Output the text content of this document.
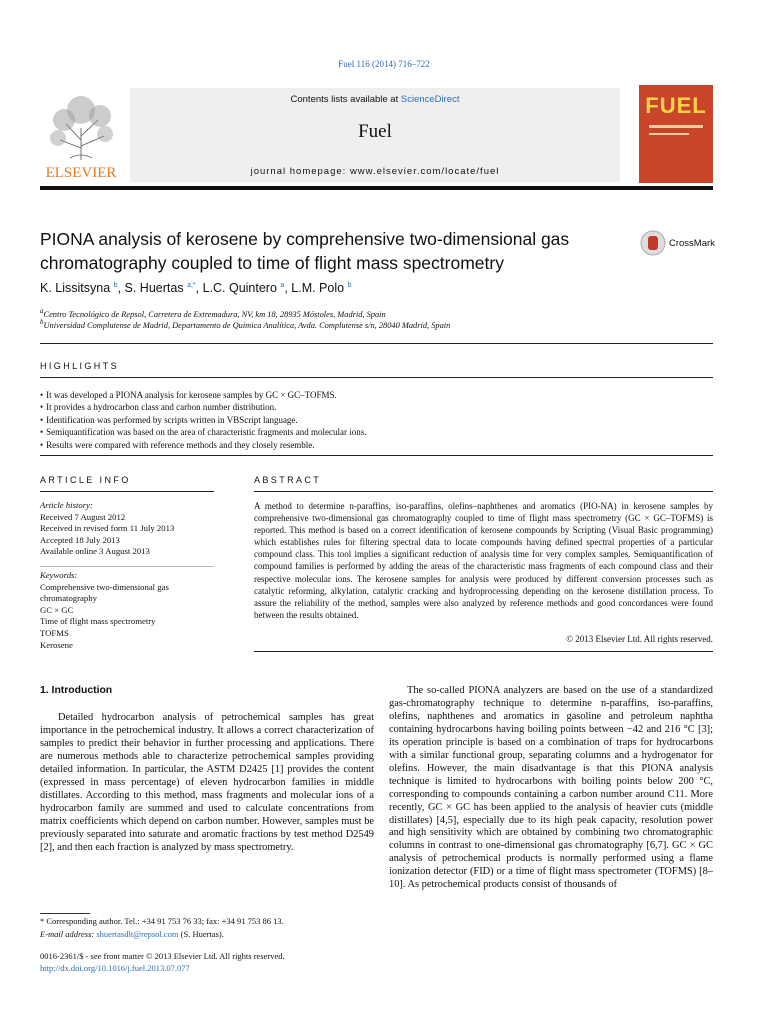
Fuel 116 (2014) 716–722
ELSEVIER
Contents lists available at ScienceDirect
Fuel
journal homepage: www.elsevier.com/locate/fuel
FUEL
PIONA analysis of kerosene by comprehensive two-dimensional gas chromatography coupled to time of flight mass spectrometry
CrossMark
K. Lissitsyna $^b$, S. Huertas $^{a,*}$, L.C. Quintero $^a$, L.M. Polo $^b$
$^a$Centro Tecnológico de Repsol, Carretera de Extremadura, NV, km 18, 28935 Móstoles, Madrid, Spain
$^b$Universidad Complutense de Madrid, Departamento de Química Analítica, Avda. Complutense s/n, 28040 Madrid, Spain
HIGHLIGHTS
• It was developed a PIONA analysis for kerosene samples by GC × GC–TOFMS.
• It provides a hydrocarbon class and carbon number distribution.
• Identification was performed by scripts written in VBScript language.
• Semiquantification was based on the area of characteristic fragments and molecular ions.
• Results were compared with reference methods and they closely resemble.
ARTICLE INFO
Article history:
Received 7 August 2012
Received in revised form 11 July 2013
Accepted 18 July 2013
Available online 3 August 2013
Keywords:
Comprehensive two-dimensional gas chromatography
GC × GC
Time of flight mass spectrometry
TOFMS
Kerosene
ABSTRACT
A method to determine n-paraffins, iso-paraffins, olefins–naphthenes and aromatics (PIO-NA) in kerosene samples by comprehensive two-dimensional gas chromatography coupled to time of flight mass spectrometry (GC × GC–TOFMS) is reported. This method is based on a correct identification of kerosene compounds by Scripting (Visual Basic programming) which establishes rules for filtering spectral data to locate compounds having defined spectral properties of a particular compound class. This tool implies a significant reduction of analysis time for very complex samples. Semiquantification of compound families is performed by adding the areas of the characteristic mass fragments of each compound class and their respective molecular ions. The kerosene samples for analysis were produced by different conversion processes such as catalytic reforming, alkylation, catalytic cracking and hydroprocessing depending on the kerosene distillation process. To assure the reliability of the method, samples were also analyzed by reference methods and good concordances were found between the results obtained.
© 2013 Elsevier Ltd. All rights reserved.
1. Introduction
Detailed hydrocarbon analysis of petrochemical samples has great importance in the petrochemical industry. It allows a correct characterization of samples to predict their behavior in further processing and applications. There are numerous methods able to characterize petrochemical samples providing detailed information. In particular, the ASTM D2425 [1] provides the content (expressed in mass percentage) of eleven hydrocarbon families in middle distillates. According to this method, mass fragments and molecular ions of a hydrocarbon family are summed and used to calculate concentrations from matrix coefficients which depend on carbon number. However, samples must be previously separated into saturate and aromatic fractions by test method D2549 [2], and then each fraction is analyzed by mass spectrometry.
The so-called PIONA analyzers are based on the use of a standardized gas-chromatography technique to determine n-paraffins, iso-paraffins, olefins, naphthenes and aromatics in gasoline and petroleum naphtha containing hydrocarbons having boiling points between −42 and 216 °C [3]; its operation principle is based on a combination of traps for hydrocarbons with a similar functional group, separating columns and a hydrogenator for olefins. However, the main disadvantage is that this PIONA analysis technique is limited to hydrocarbons with boiling points below 200 °C, corresponding to compounds containing a carbon number around C11. More recently, GC × GC has been applied to the analysis of heavier cuts (middle distillates) [4,5], especially due to its high peak capacity, resolution power and high sensitivity which are obtained by combining two chromatographic columns in contrast to one-dimensional gas chromatography [6,7]. GC × GC analysis of petrochemical products is normally performed using a flame ionization detector (FID) or a time of flight mass spectrometer (TOFMS) [8–10]. As petrochemical products consist of thousands of
* Corresponding author. Tel.: +34 91 753 76 33; fax: +34 91 753 86 13.
E-mail address: shuertasdlt@repsol.com (S. Huertas).
0016-2361/$ - see front matter © 2013 Elsevier Ltd. All rights reserved.
http://dx.doi.org/10.1016/j.fuel.2013.07.077
